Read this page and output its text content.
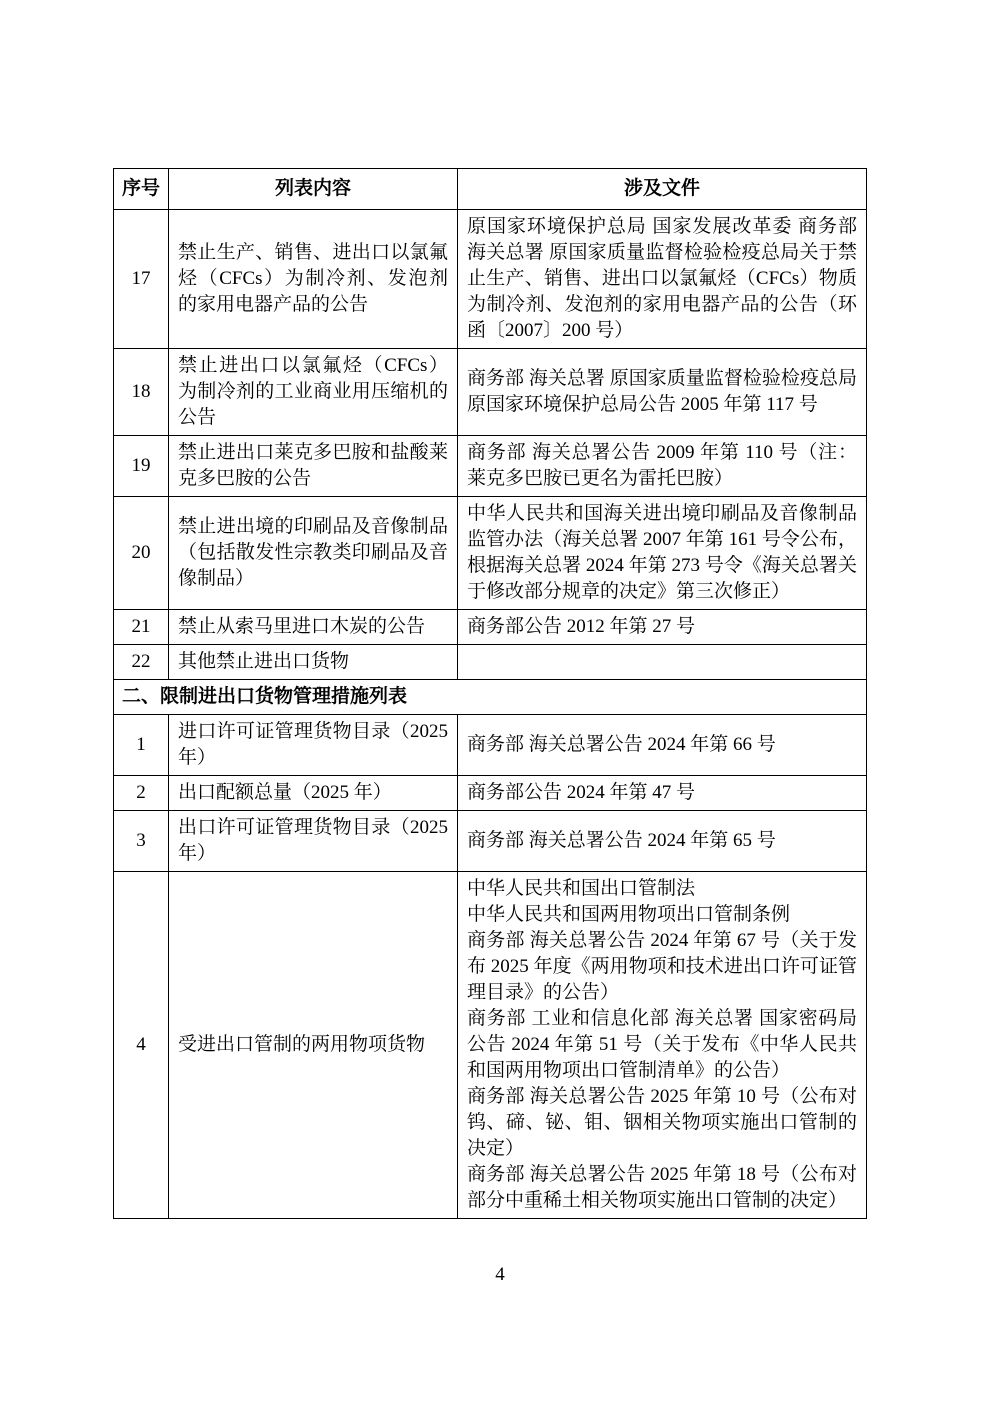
序号	列表内容	涉及文件
17	禁止生产、销售、进出口以氯氟烃（CFCs）为制冷剂、发泡剂的家用电器产品的公告	原国家环境保护总局 国家发展改革委 商务部 海关总署 原国家质量监督检验检疫总局关于禁止生产、销售、进出口以氯氟烃（CFCs）物质为制冷剂、发泡剂的家用电器产品的公告（环函〔2007〕200 号）

18	禁止进出口以氯氟烃（CFCs）为制冷剂的工业商业用压缩机的公告	商务部 海关总署 原国家质量监督检验检疫总局 原国家环境保护总局公告 2005 年第 117 号

19	禁止进出口莱克多巴胺和盐酸莱克多巴胺的公告	商务部 海关总署公告 2009 年第 110 号（注：莱克多巴胺已更名为雷托巴胺）

20	禁止进出境的印刷品及音像制品（包括散发性宗教类印刷品及音像制品）	中华人民共和国海关进出境印刷品及音像制品监管办法（海关总署 2007 年第 161 号令公布，根据海关总署 2024 年第 273 号令《海关总署关于修改部分规章的决定》第三次修正）

21	禁止从索马里进口木炭的公告	商务部公告 2012 年第 27 号

22	其他禁止进出口货物	
二、限制进出口货物管理措施列表		
1	进口许可证管理货物目录（2025 年）	商务部 海关总署公告 2024 年第 66 号

2	出口配额总量（2025 年）	商务部公告 2024 年第 47 号

3	出口许可证管理货物目录（2025 年）	商务部 海关总署公告 2024 年第 65 号

4	受进出口管制的两用物项货物	
中华人民共和国出口管制法
中华人民共和国两用物项出口管制条例
商务部 海关总署公告 2024 年第 67 号（关于发布 2025 年度《两用物项和技术进出口许可证管理目录》的公告）
商务部 工业和信息化部 海关总署 国家密码局公告 2024 年第 51 号（关于发布《中华人民共和国两用物项出口管制清单》的公告）
商务部 海关总署公告 2025 年第 10 号（公布对钨、碲、铋、钼、铟相关物项实施出口管制的决定）
商务部 海关总署公告 2025 年第 18 号（公布对部分中重稀土相关物项实施出口管制的决定）
4
